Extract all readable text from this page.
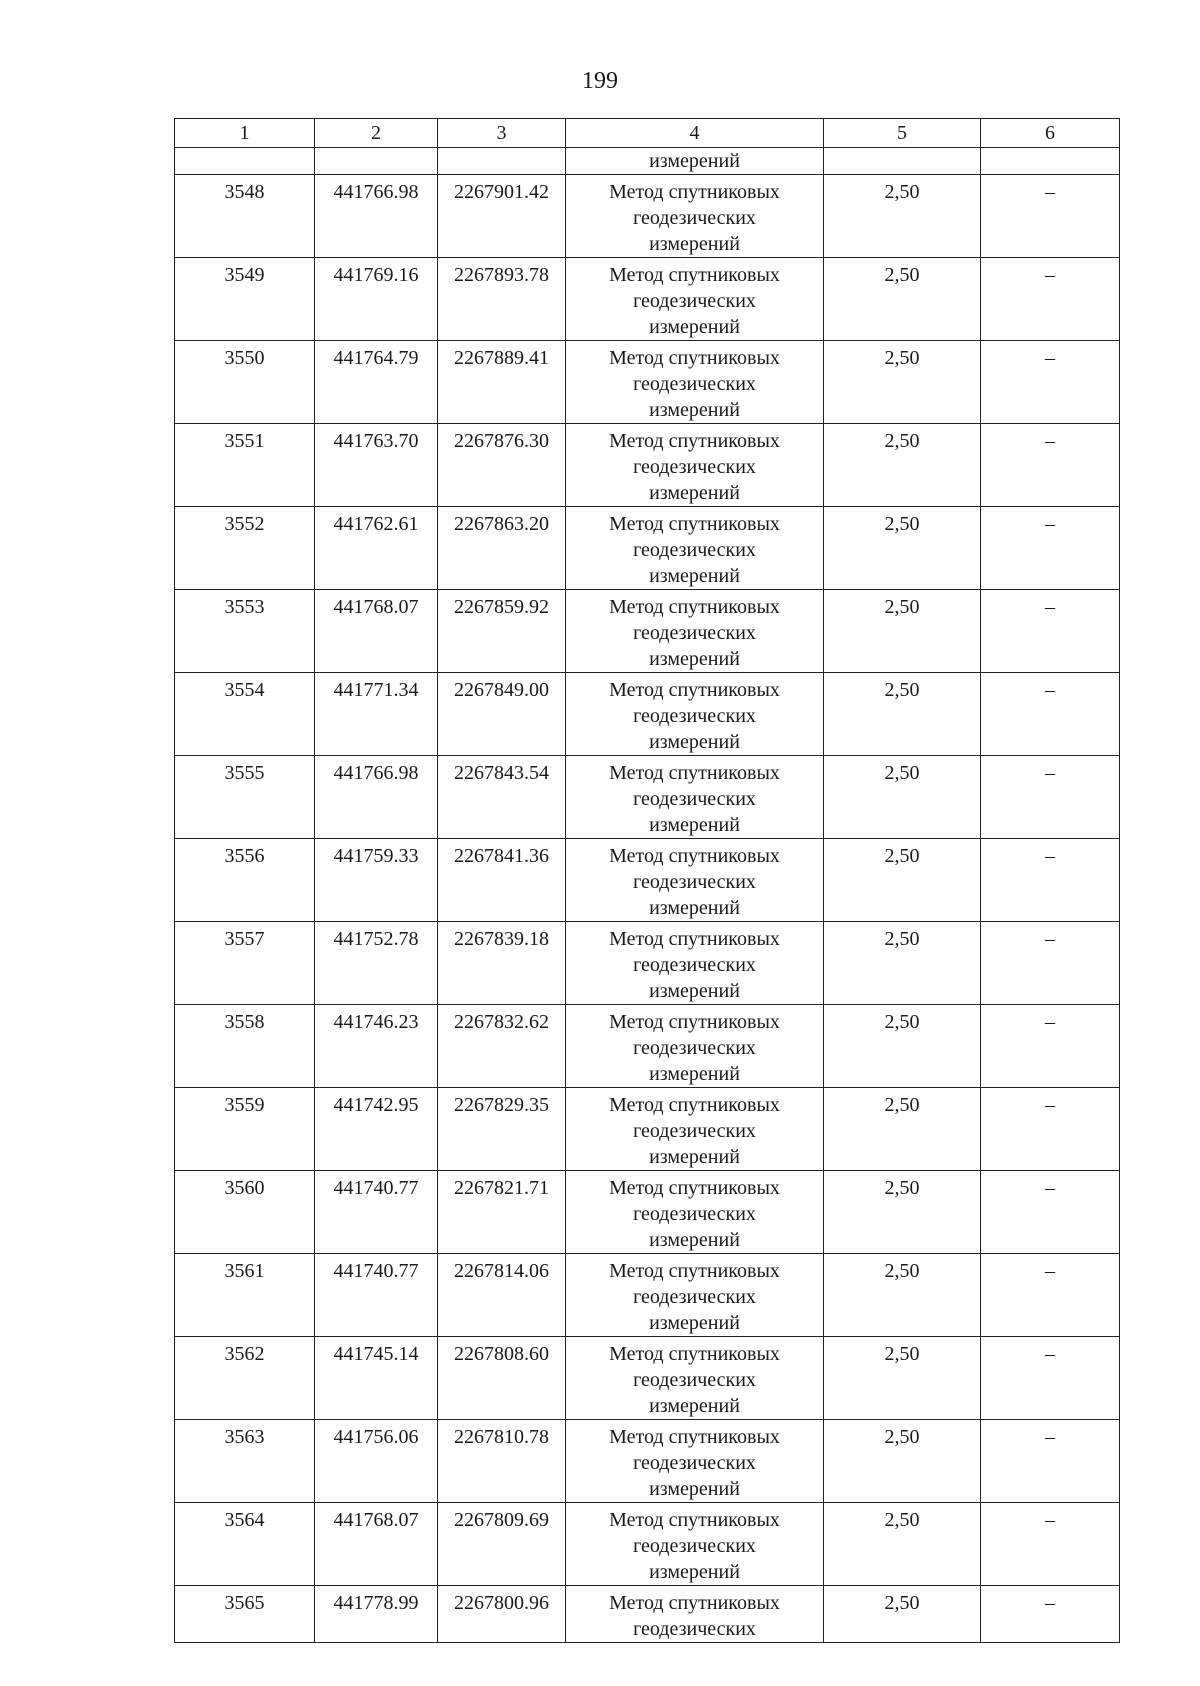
199
1	2	3	4	5	6
			измерений		
3548	441766.98	2267901.42	Метод спутниковых
геодезических
измерений	2,50	–
3549	441769.16	2267893.78	Метод спутниковых
геодезических
измерений	2,50	–
3550	441764.79	2267889.41	Метод спутниковых
геодезических
измерений	2,50	–
3551	441763.70	2267876.30	Метод спутниковых
геодезических
измерений	2,50	–
3552	441762.61	2267863.20	Метод спутниковых
геодезических
измерений	2,50	–
3553	441768.07	2267859.92	Метод спутниковых
геодезических
измерений	2,50	–
3554	441771.34	2267849.00	Метод спутниковых
геодезических
измерений	2,50	–
3555	441766.98	2267843.54	Метод спутниковых
геодезических
измерений	2,50	–
3556	441759.33	2267841.36	Метод спутниковых
геодезических
измерений	2,50	–
3557	441752.78	2267839.18	Метод спутниковых
геодезических
измерений	2,50	–
3558	441746.23	2267832.62	Метод спутниковых
геодезических
измерений	2,50	–
3559	441742.95	2267829.35	Метод спутниковых
геодезических
измерений	2,50	–
3560	441740.77	2267821.71	Метод спутниковых
геодезических
измерений	2,50	–
3561	441740.77	2267814.06	Метод спутниковых
геодезических
измерений	2,50	–
3562	441745.14	2267808.60	Метод спутниковых
геодезических
измерений	2,50	–
3563	441756.06	2267810.78	Метод спутниковых
геодезических
измерений	2,50	–
3564	441768.07	2267809.69	Метод спутниковых
геодезических
измерений	2,50	–
3565	441778.99	2267800.96	Метод спутниковых
геодезических	2,50	–
